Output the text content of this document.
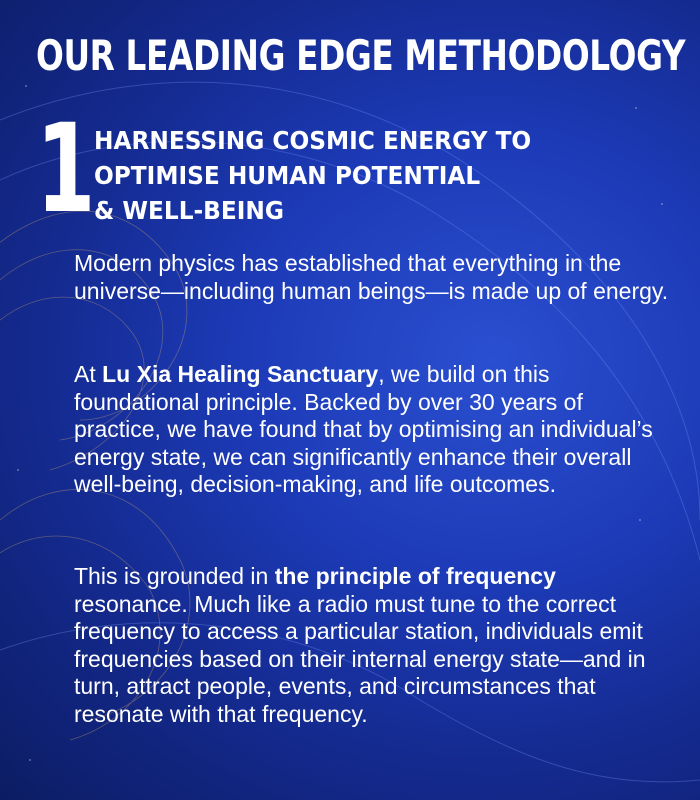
OUR LEADING EDGE METHODOLOGY
1
HARNESSING COSMIC ENERGY TO
OPTIMISE HUMAN POTENTIAL
& WELL-BEING

Modern physics has established that everything in the universe—including human beings—is made up of energy.

At Lu Xia Healing Sanctuary, we build on this foundational principle. Backed by over 30 years of practice, we have found that by optimising an individual’s energy state, we can significantly enhance their overall well-being, decision-making, and life outcomes.

This is grounded in the principle of frequency resonance. Much like a radio must tune to the correct frequency to access a particular station, individuals emit frequencies based on their internal energy state—and in turn, attract people, events, and circumstances that resonate with that frequency.
